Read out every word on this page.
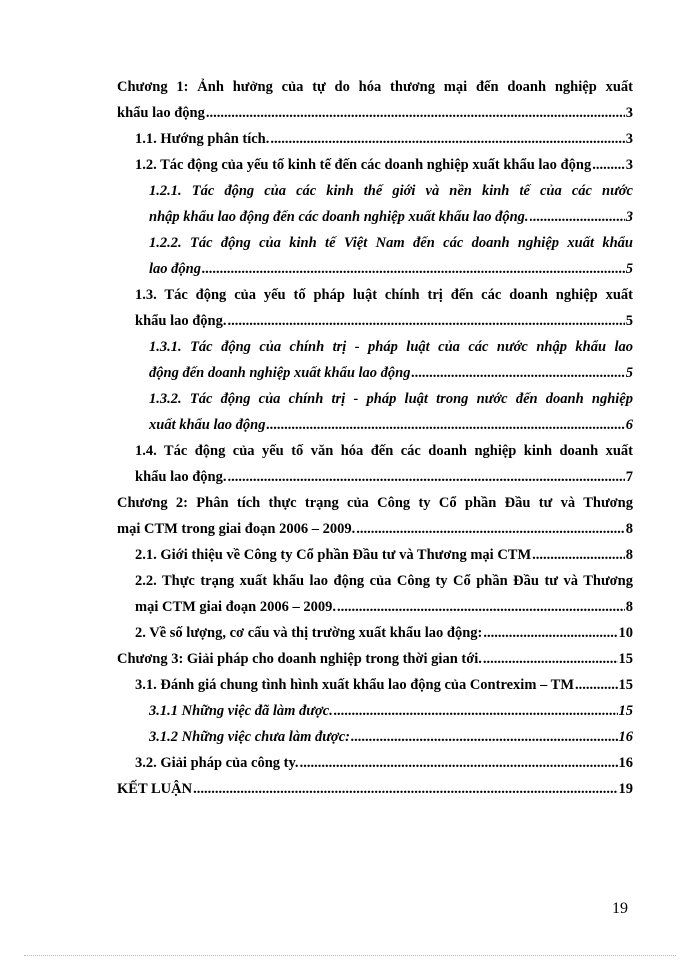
Chương 1: Ảnh hưởng của tự do hóa thương mại đến doanh nghiệp xuất
khẩu lao động .....	3
1.1. Hướng phân tích. .....	3
1.2. Tác động của yếu tố kinh tế đến các doanh nghiệp xuất khẩu lao động ..... 3
1.2.1. Tác động của các kinh thế giới và nền kinh tế của các nước
nhập khẩu lao động đến các doanh nghiệp xuất khẩu lao động. .....	3
1.2.2. Tác động của kinh tế Việt Nam đến các doanh nghiệp xuất khẩu
lao động .....	5
1.3. Tác động của yếu tố pháp luật chính trị đến các doanh nghiệp xuất
khẩu lao động. .....	5
1.3.1. Tác động của chính trị - pháp luật của các nước nhập khẩu lao
động đến doanh nghiệp xuất khẩu lao động .....	5
1.3.2. Tác động của chính trị - pháp luật trong nước đến doanh nghiệp
xuất khẩu lao động .....	6
1.4. Tác động của yếu tố văn hóa đến các doanh nghiệp kinh doanh xuất
khẩu lao động. .....	7
Chương 2: Phân tích thực trạng của Công ty Cổ phần Đầu tư và Thương
mại CTM trong giai đoạn 2006 – 2009. .....	8
2.1. Giới thiệu về Công ty Cổ phần Đầu tư và Thương mại CTM .....	8
2.2. Thực trạng xuất khẩu lao động của Công ty Cổ phần Đầu tư và Thương
mại CTM giai đoạn 2006 – 2009. .....	8
2. Về số lượng, cơ cấu và thị trường xuất khẩu lao động: .....	10
Chương 3: Giải pháp cho doanh nghiệp trong thời gian tới. .....	15
3.1. Đánh giá chung tình hình xuất khẩu lao động của Contrexim – TM .....	15
3.1.1 Những việc đã làm được. .....	15
3.1.2 Những việc chưa làm được: .....	16
3.2. Giải pháp của công ty. .....	16
KẾT LUẬN .....	19
19
